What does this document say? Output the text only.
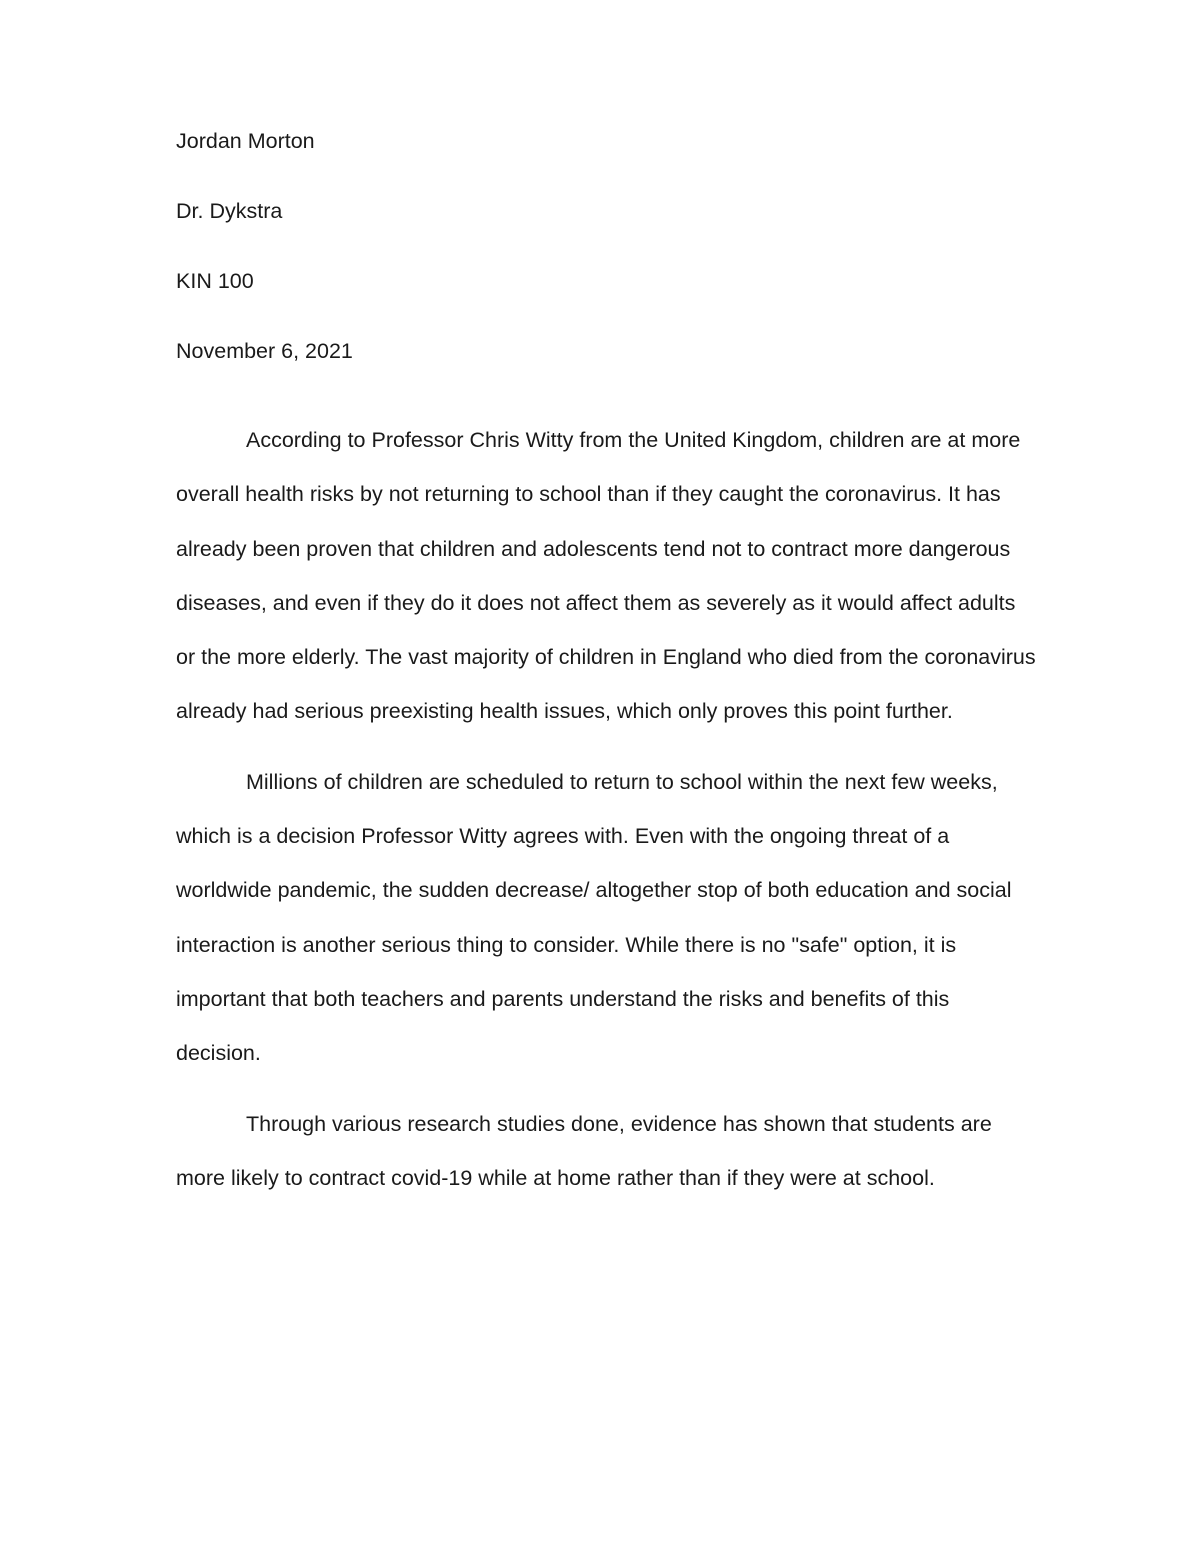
Jordan Morton
Dr. Dykstra
KIN 100
November 6, 2021

According to Professor Chris Witty from the United Kingdom, children are at more overall health risks by not returning to school than if they caught the coronavirus. It has already been proven that children and adolescents tend not to contract more dangerous diseases, and even if they do it does not affect them as severely as it would affect adults or the more elderly. The vast majority of children in England who died from the coronavirus already had serious preexisting health issues, which only proves this point further.

Millions of children are scheduled to return to school within the next few weeks, which is a decision Professor Witty agrees with. Even with the ongoing threat of a worldwide pandemic, the sudden decrease/ altogether stop of both education and social interaction is another serious thing to consider. While there is no "safe" option, it is important that both teachers and parents understand the risks and benefits of this decision.

Through various research studies done, evidence has shown that students are more likely to contract covid-19 while at home rather than if they were at school.
